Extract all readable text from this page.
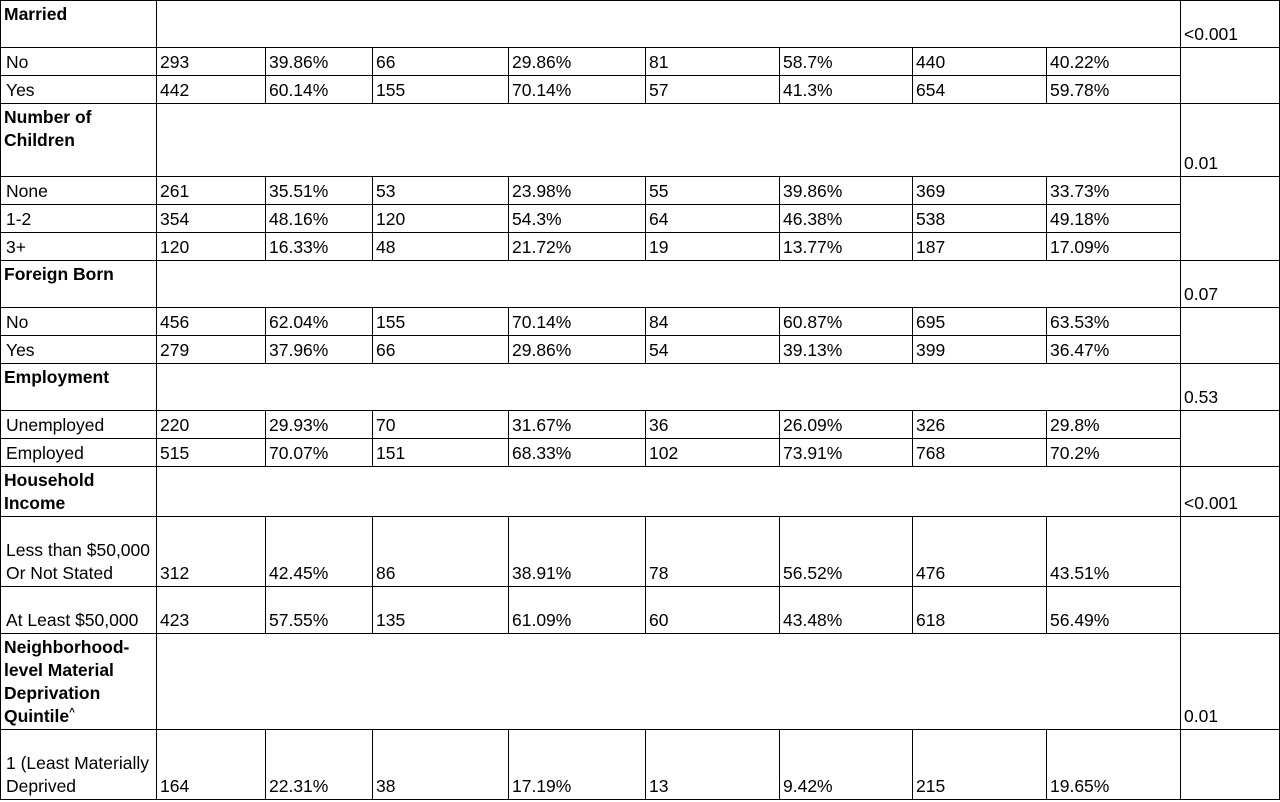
Married									<0.001
No	293	39.86%	66	29.86%	81	58.7%	440	40.22%	
Yes	442	60.14%	155	70.14%	57	41.3%	654	59.78%	
Number of Children									0.01
None	261	35.51%	53	23.98%	55	39.86%	369	33.73%	
1-2	354	48.16%	120	54.3%	64	46.38%	538	49.18%	
3+	120	16.33%	48	21.72%	19	13.77%	187	17.09%	
Foreign Born									0.07
No	456	62.04%	155	70.14%	84	60.87%	695	63.53%	
Yes	279	37.96%	66	29.86%	54	39.13%	399	36.47%	
Employment									0.53
Unemployed	220	29.93%	70	31.67%	36	26.09%	326	29.8%	
Employed	515	70.07%	151	68.33%	102	73.91%	768	70.2%	
Household Income									<0.001
Less than $50,000 Or Not Stated	312	42.45%	86	38.91%	78	56.52%	476	43.51%	
At Least $50,000	423	57.55%	135	61.09%	60	43.48%	618	56.49%	
Neighborhood-level Material Deprivation Quintile^									0.01
1 (Least Materially Deprived	164	22.31%	38	17.19%	13	9.42%	215	19.65%	
